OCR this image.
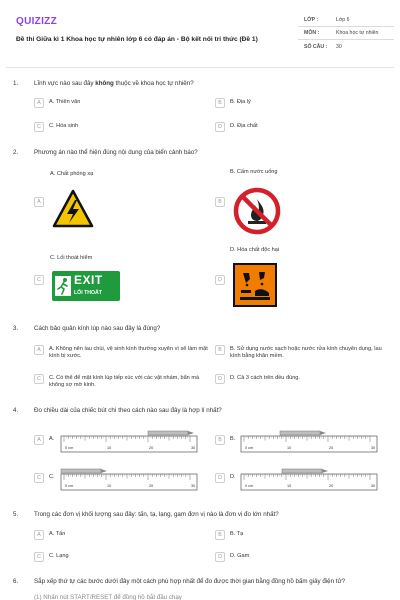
QUIZIZZ
Đề thi Giữa kì 1 Khoa học tự nhiên lớp 6 có đáp án - Bộ kết nối tri thức (Đề 1)
LỚP :	Lớp 6
MÔN :	Khoa học tự nhiên
SỐ CÂU :	30
1.	Lĩnh vực nào sau đây không thuộc về khoa học tự nhiên?
A	A. Thiên văn	B	B. Địa lý
C	C. Hóa sinh	D	D. Địa chất
2.	Phương án nào thể hiện đúng nội dung của biển cảnh báo?
A. Chất phóng xạ	B. Cấm nước uống
A	B
D. Hóa chất độc hại
C. Lối thoát hiểm
C	EXIT
LỐI THOÁT
D
3.	Cách bảo quản kính lúp nào sau đây là đúng?
A	A. Không nên lau chùi, vệ sinh kính thường xuyên vì sẽ làm mặt kính bị xước.
B	B. Sử dụng nước sạch hoặc nước rửa kính chuyên dụng, lau kính bằng khăn mềm.
C	C. Có thể để mặt kính lúp tiếp xúc với các vật nhám, bẩn mà không sợ mờ kính.
D	D. Cả 3 cách trên đều đúng.
4.	Đo chiều dài của chiếc bút chì theo cách nào sau đây là hợp lí nhất?
A	A.
0 cm	10	20	30
B	B.
0 cm	10	20	30
C	C.
0 cm	10	20	30
D	D.
0 cm	10	20	30
5.	Trong các đơn vị khối lượng sau đây: tấn, tạ, lạng, gam đơn vị nào là đơn vị đo lớn nhất?
A	A. Tấn	B	B. Tạ
C	C. Lạng	D	D. Gam
6.	Sắp xếp thứ tự các bước dưới đây một cách phù hợp nhất để đo được thời gian bằng đồng hồ bấm giây điện tử?
(1) Nhấn nút START/RESET để đồng hồ bắt đầu chạy
